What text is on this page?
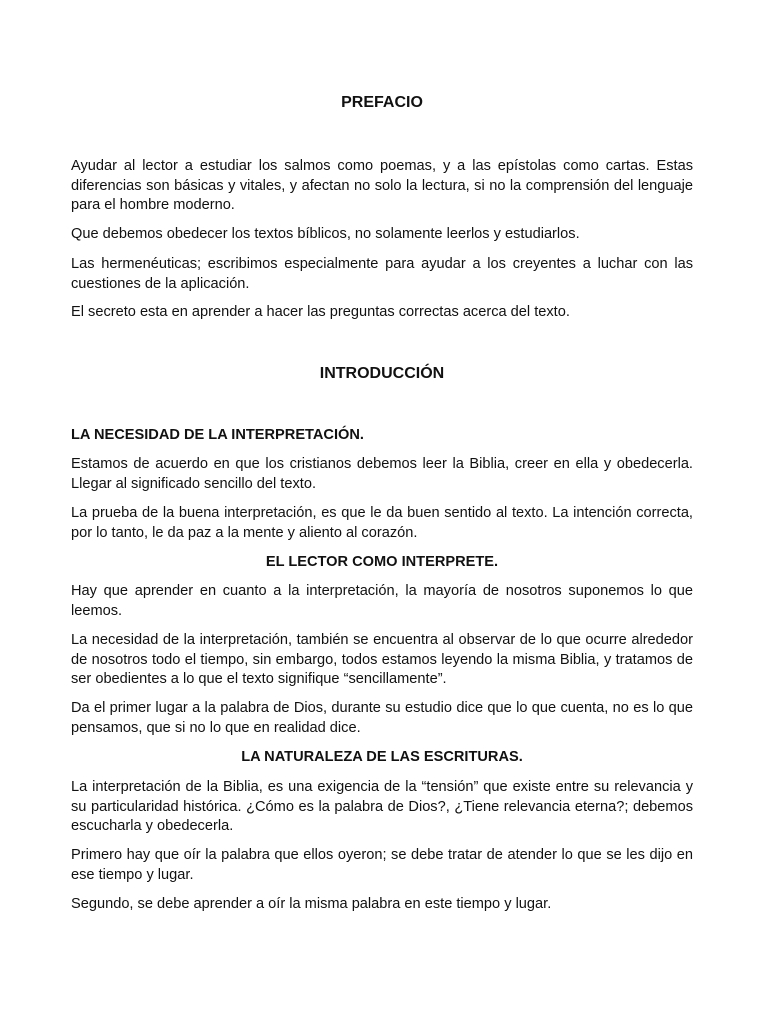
PREFACIO

Ayudar al lector a estudiar los salmos como poemas, y a las epístolas como cartas. Estas diferencias son básicas y vitales, y afectan no solo la lectura, si no la comprensión del lenguaje para el hombre moderno.

Que debemos obedecer los textos bíblicos, no solamente leerlos y estudiarlos.

Las hermenéuticas; escribimos especialmente para ayudar a los creyentes a luchar con las cuestiones de la aplicación.

El secreto esta en aprender a hacer las preguntas correctas acerca del texto.

INTRODUCCIÓN
LA NECESIDAD DE LA INTERPRETACIÓN.

Estamos de acuerdo en que los cristianos debemos leer la Biblia, creer en ella y obedecerla. Llegar al significado sencillo del texto.

La prueba de la buena interpretación, es que le da buen sentido al texto. La intención correcta, por lo tanto, le da paz a la mente y aliento al corazón.

EL LECTOR COMO INTERPRETE.

Hay que aprender en cuanto a la interpretación, la mayoría de nosotros suponemos lo que leemos.

La necesidad de la interpretación, también se encuentra al observar de lo que ocurre alrededor de nosotros todo el tiempo, sin embargo, todos estamos leyendo la misma Biblia, y tratamos de ser obedientes a lo que el texto signifique “sencillamente”.

Da el primer lugar a la palabra de Dios, durante su estudio dice que lo que cuenta, no es lo que pensamos, que si no lo que en realidad dice.

LA NATURALEZA DE LAS ESCRITURAS.

La interpretación de la Biblia, es una exigencia de la “tensión” que existe entre su relevancia y su particularidad histórica. ¿Cómo es la palabra de Dios?, ¿Tiene relevancia eterna?; debemos escucharla y obedecerla.

Primero hay que oír la palabra que ellos oyeron; se debe tratar de atender lo que se les dijo en ese tiempo y lugar.

Segundo, se debe aprender a oír la misma palabra en este tiempo y lugar.
